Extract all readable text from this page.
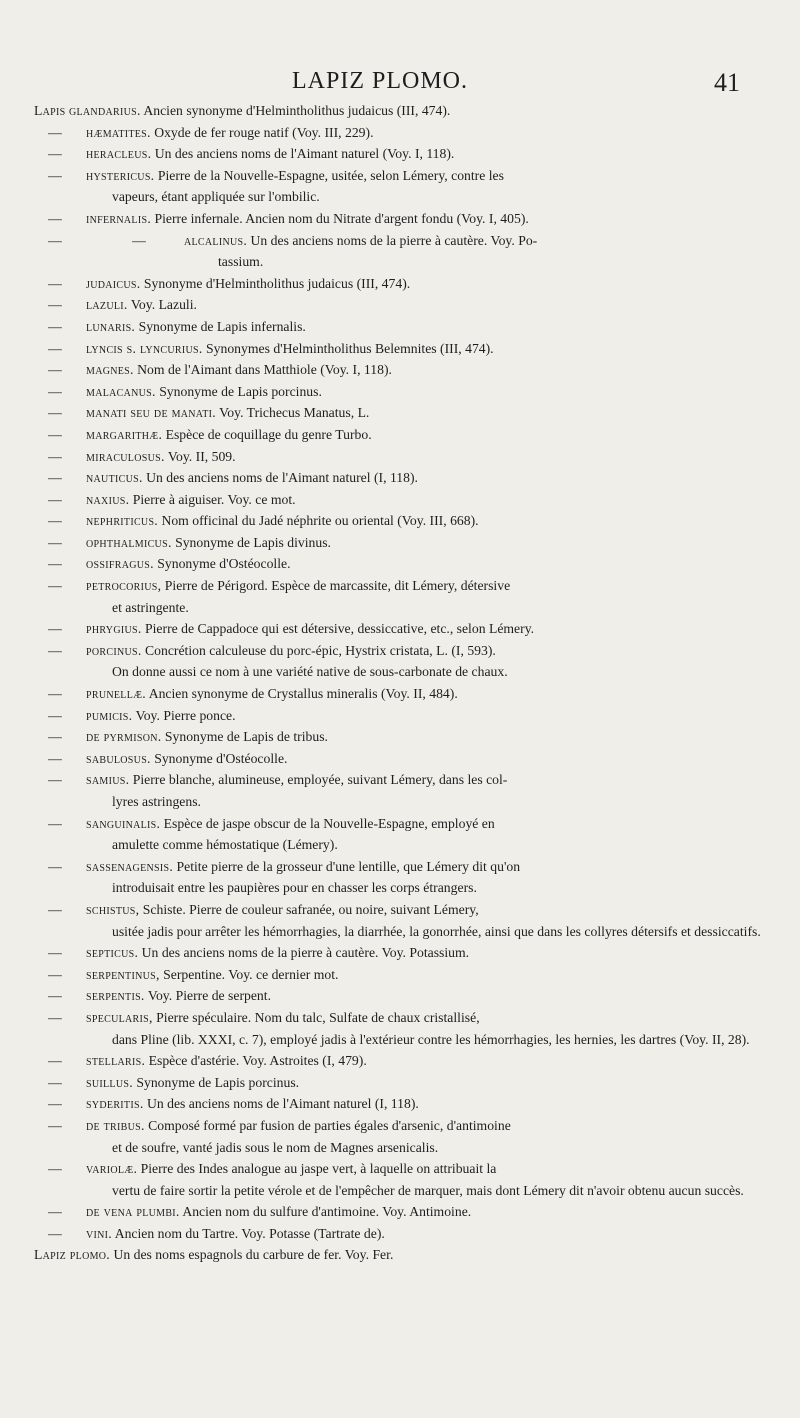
LAPIZ PLOMO.	41
Lapis glandarius. Ancien synonyme d'Helmintholithus judaicus (III, 474).
— hæmatites. Oxyde de fer rouge natif (Voy. III, 229).
— heracleus. Un des anciens noms de l'Aimant naturel (Voy. I, 118).
— hystericus. Pierre de la Nouvelle-Espagne, usitée, selon Lémery, contre les
vapeurs, étant appliquée sur l'ombilic.
— infernalis. Pierre infernale. Ancien nom du Nitrate d'argent fondu (Voy. I, 405).
—	—	alcalinus. Un des anciens noms de la pierre à cautère. Voy. Po-
tassium.
— judaicus. Synonyme d'Helmintholithus judaicus (III, 474).
— lazuli. Voy. Lazuli.
— lunaris. Synonyme de Lapis infernalis.
— lyncis s. lyncurius. Synonymes d'Helmintholithus Belemnites (III, 474).
— magnes. Nom de l'Aimant dans Matthiole (Voy. I, 118).
— malacanus. Synonyme de Lapis porcinus.
— manati seu de manati. Voy. Trichecus Manatus, L.
— margarithæ. Espèce de coquillage du genre Turbo.
— miraculosus. Voy. II, 509.
— nauticus. Un des anciens noms de l'Aimant naturel (I, 118).
— naxius. Pierre à aiguiser. Voy. ce mot.
— nephriticus. Nom officinal du Jadé néphrite ou oriental (Voy. III, 668).
— ophthalmicus. Synonyme de Lapis divinus.
— ossifragus. Synonyme d'Ostéocolle.
— petrocorius, Pierre de Périgord. Espèce de marcassite, dit Lémery, détersive
et astringente.
— phrygius. Pierre de Cappadoce qui est détersive, dessiccative, etc., selon Lémery.
— porcinus. Concrétion calculeuse du porc-épic, Hystrix cristata, L. (I, 593).
On donne aussi ce nom à une variété native de sous-carbonate de chaux.
— prunellæ. Ancien synonyme de Crystallus mineralis (Voy. II, 484).
— pumicis. Voy. Pierre ponce.
— de pyrmison. Synonyme de Lapis de tribus.
— sabulosus. Synonyme d'Ostéocolle.
— samius. Pierre blanche, alumineuse, employée, suivant Lémery, dans les col-
lyres astringens.
— sanguinalis. Espèce de jaspe obscur de la Nouvelle-Espagne, employé en
amulette comme hémostatique (Lémery).
— sassenagensis. Petite pierre de la grosseur d'une lentille, que Lémery dit qu'on
introduisait entre les paupières pour en chasser les corps étrangers.
— schistus, Schiste. Pierre de couleur safranée, ou noire, suivant Lémery,
usitée jadis pour arrêter les hémorrhagies, la diarrhée, la gonorrhée, ainsi que dans les collyres détersifs et dessiccatifs.
— septicus. Un des anciens noms de la pierre à cautère. Voy. Potassium.
— serpentinus, Serpentine. Voy. ce dernier mot.
— serpentis. Voy. Pierre de serpent.
— specularis, Pierre spéculaire. Nom du talc, Sulfate de chaux cristallisé,
dans Pline (lib. XXXI, c. 7), employé jadis à l'extérieur contre les hémorrhagies, les hernies, les dartres (Voy. II, 28).
— stellaris. Espèce d'astérie. Voy. Astroites (I, 479).
— suillus. Synonyme de Lapis porcinus.
— syderitis. Un des anciens noms de l'Aimant naturel (I, 118).
— de tribus. Composé formé par fusion de parties égales d'arsenic, d'antimoine
et de soufre, vanté jadis sous le nom de Magnes arsenicalis.
— variolæ. Pierre des Indes analogue au jaspe vert, à laquelle on attribuait la
vertu de faire sortir la petite vérole et de l'empêcher de marquer, mais dont Lémery dit n'avoir obtenu aucun succès.
— de vena plumbi. Ancien nom du sulfure d'antimoine. Voy. Antimoine.
— vini. Ancien nom du Tartre. Voy. Potasse (Tartrate de).
Lapiz plomo. Un des noms espagnols du carbure de fer. Voy. Fer.
